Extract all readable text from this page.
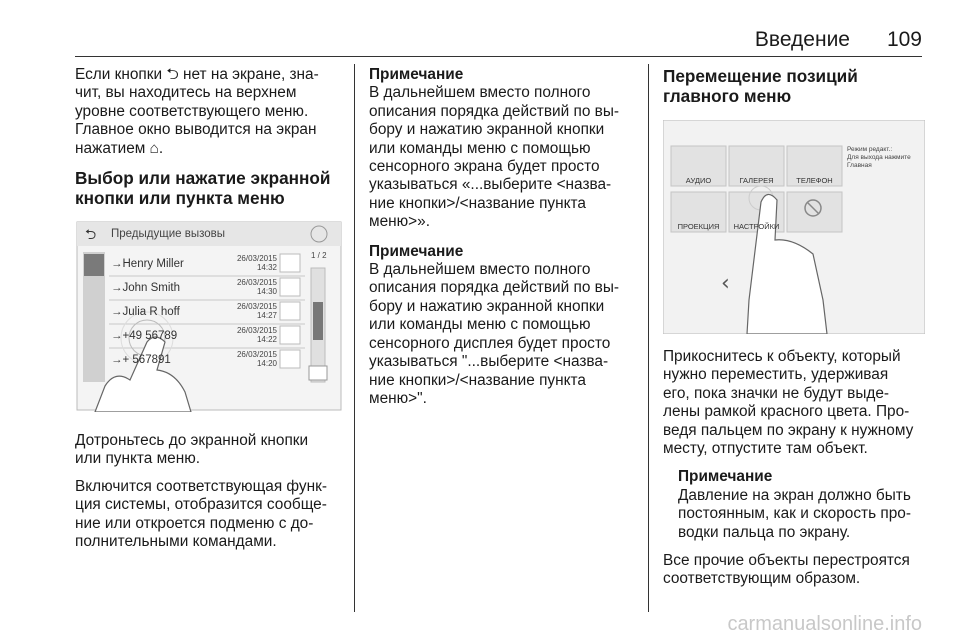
Введение 109

Если кнопки ⮌ нет на экране, зна-

чит, вы находитесь на верхнем

уровне соответствующего меню.

Главное окно выводится на экран

нажатием ⌂.

Выбор или нажатие экранной
кнопки или пункта меню
⮌ Предыдущие вызовы
1 / 2
→Henry Miller	26/03/2015
14:32
→John Smith	26/03/2015
14:30
→Julia R hoff	26/03/2015
14:27
→+49 56789	26/03/2015
14:22
→+ 567891	26/03/2015
14:20

Дотроньтесь до экранной кнопки

или пункта меню.

Включится соответствующая функ-

ция системы, отобразится сообще-

ние или откроется подменю с до-

полнительными командами.

Примечание

В дальнейшем вместо полного

описания порядка действий по вы-

бору и нажатию экранной кнопки

или команды меню с помощью

сенсорного экрана будет просто

указываться «...выберите <назва-

ние кнопки>/<название пункта

меню>».

Примечание

В дальнейшем вместо полного

описания порядка действий по вы-

бору и нажатию экранной кнопки

или команды меню с помощью

сенсорного дисплея будет просто

указываться "...выберите <назва-

ние кнопки>/<название пункта

меню>".

Перемещение позиций
главного меню
‹
АУДИО	ГАЛЕРЕЯ	ТЕЛЕФОН
ПРОЕКЦИЯ	НАСТРОЙКИ
Режим редакт.:
Для выхода нажмите
Главная

Прикоснитесь к объекту, который

нужно переместить, удерживая

его, пока значки не будут выде-

лены рамкой красного цвета. Про-

ведя пальцем по экрану к нужному

месту, отпустите там объект.

Примечание

Давление на экран должно быть

постоянным, как и скорость про-

водки пальца по экрану.

Все прочие объекты перестроятся

соответствующим образом.

carmanualsonline.info
